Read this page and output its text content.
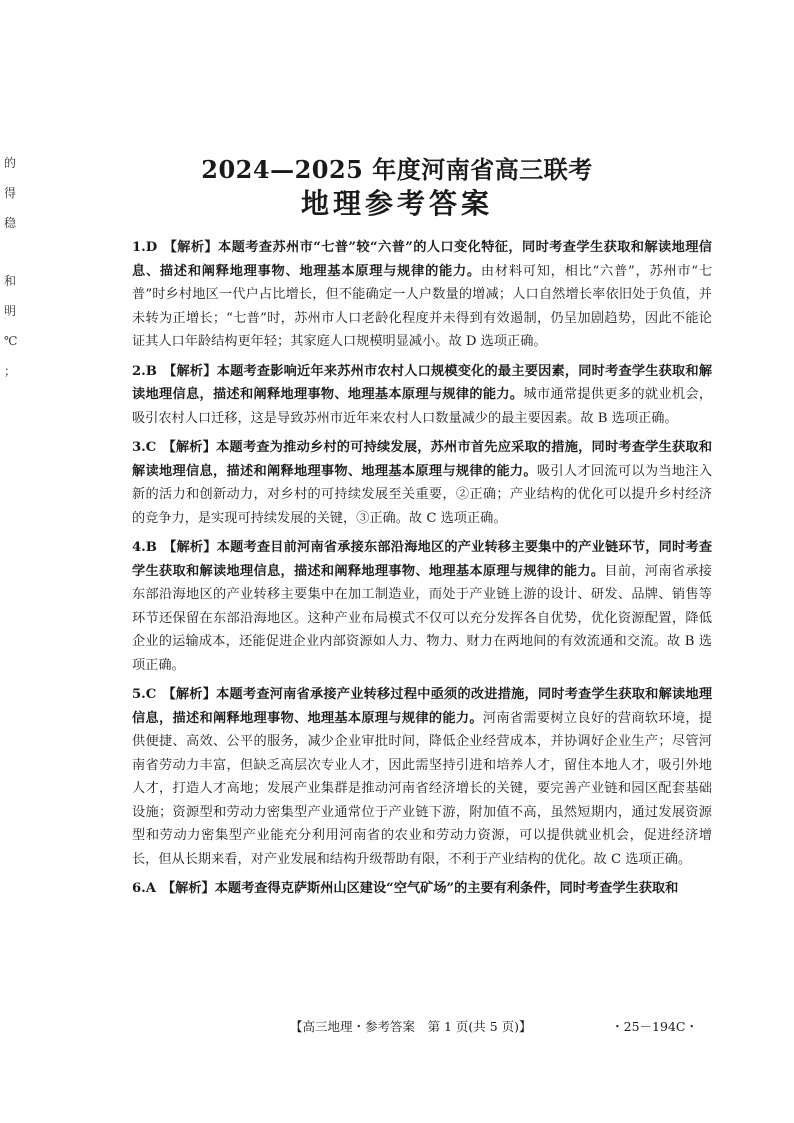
的
得
稳
和
明
℃
；
2024—2025 年度河南省高三联考
地理参考答案

1.D 【解析】本题考查苏州市“七普”较“六普”的人口变化特征，同时考查学生获取和解读地理信息、描述和阐释地理事物、地理基本原理与规律的能力。由材料可知，相比“六普”，苏州市“七普”时乡村地区一代户占比增长，但不能确定一人户数量的增减；人口自然增长率依旧处于负值，并未转为正增长；“七普”时，苏州市人口老龄化程度并未得到有效遏制，仍呈加剧趋势，因此不能论证其人口年龄结构更年轻；其家庭人口规模明显减小。故 D 选项正确。

2.B 【解析】本题考查影响近年来苏州市农村人口规模变化的最主要因素，同时考查学生获取和解读地理信息，描述和阐释地理事物、地理基本原理与规律的能力。城市通常提供更多的就业机会，吸引农村人口迁移，这是导致苏州市近年来农村人口数量减少的最主要因素。故 B 选项正确。

3.C 【解析】本题考查为推动乡村的可持续发展，苏州市首先应采取的措施，同时考查学生获取和解读地理信息，描述和阐释地理事物、地理基本原理与规律的能力。吸引人才回流可以为当地注入新的活力和创新动力，对乡村的可持续发展至关重要，②正确；产业结构的优化可以提升乡村经济的竞争力，是实现可持续发展的关键，③正确。故 C 选项正确。

4.B 【解析】本题考查目前河南省承接东部沿海地区的产业转移主要集中的产业链环节，同时考查学生获取和解读地理信息，描述和阐释地理事物、地理基本原理与规律的能力。目前，河南省承接东部沿海地区的产业转移主要集中在加工制造业，而处于产业链上游的设计、研发、品牌、销售等环节还保留在东部沿海地区。这种产业布局模式不仅可以充分发挥各自优势，优化资源配置，降低企业的运输成本，还能促进企业内部资源如人力、物力、财力在两地间的有效流通和交流。故 B 选项正确。

5.C 【解析】本题考查河南省承接产业转移过程中亟须的改进措施，同时考查学生获取和解读地理信息，描述和阐释地理事物、地理基本原理与规律的能力。河南省需要树立良好的营商软环境，提供便捷、高效、公平的服务，减少企业审批时间，降低企业经营成本，并协调好企业生产；尽管河南省劳动力丰富，但缺乏高层次专业人才，因此需坚持引进和培养人才，留住本地人才，吸引外地人才，打造人才高地；发展产业集群是推动河南省经济增长的关键，要完善产业链和园区配套基础设施；资源型和劳动力密集型产业通常位于产业链下游，附加值不高，虽然短期内，通过发展资源型和劳动力密集型产业能充分利用河南省的农业和劳动力资源，可以提供就业机会，促进经济增长，但从长期来看，对产业发展和结构升级帮助有限，不利于产业结构的优化。故 C 选项正确。

6.A 【解析】本题考查得克萨斯州山区建设“空气矿场”的主要有利条件，同时考查学生获取和

【高三地理・参考答案　第 1 页(共 5 页)】	・25－194C・
